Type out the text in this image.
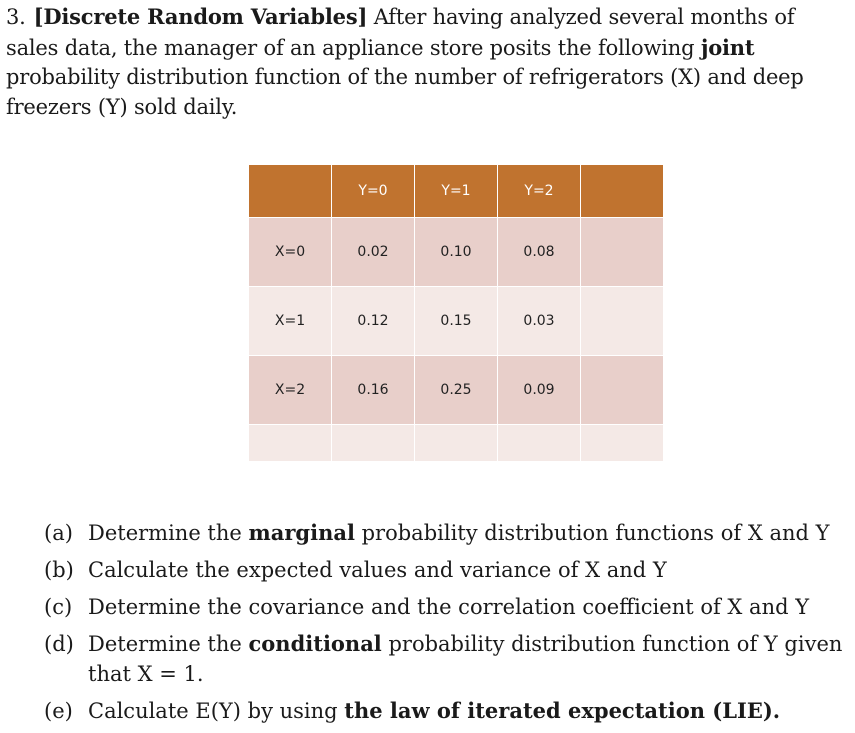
3. [Discrete Random Variables] After having analyzed several months of sales data, the manager of an appliance store posits the following joint probability distribution function of the number of refrigerators (X) and deep freezers (Y) sold daily.
	Y=0	Y=1	Y=2	
X=0	0.02	0.10	0.08	
X=1	0.12	0.15	0.03	
X=2	0.16	0.25	0.09	

(a) Determine the marginal probability distribution functions of X and Y
(b) Calculate the expected values and variance of X and Y
(c) Determine the covariance and the correlation coefficient of X and Y
(d) Determine the conditional probability distribution function of Y given that X = 1.
(e) Calculate E(Y) by using the law of iterated expectation (LIE).
